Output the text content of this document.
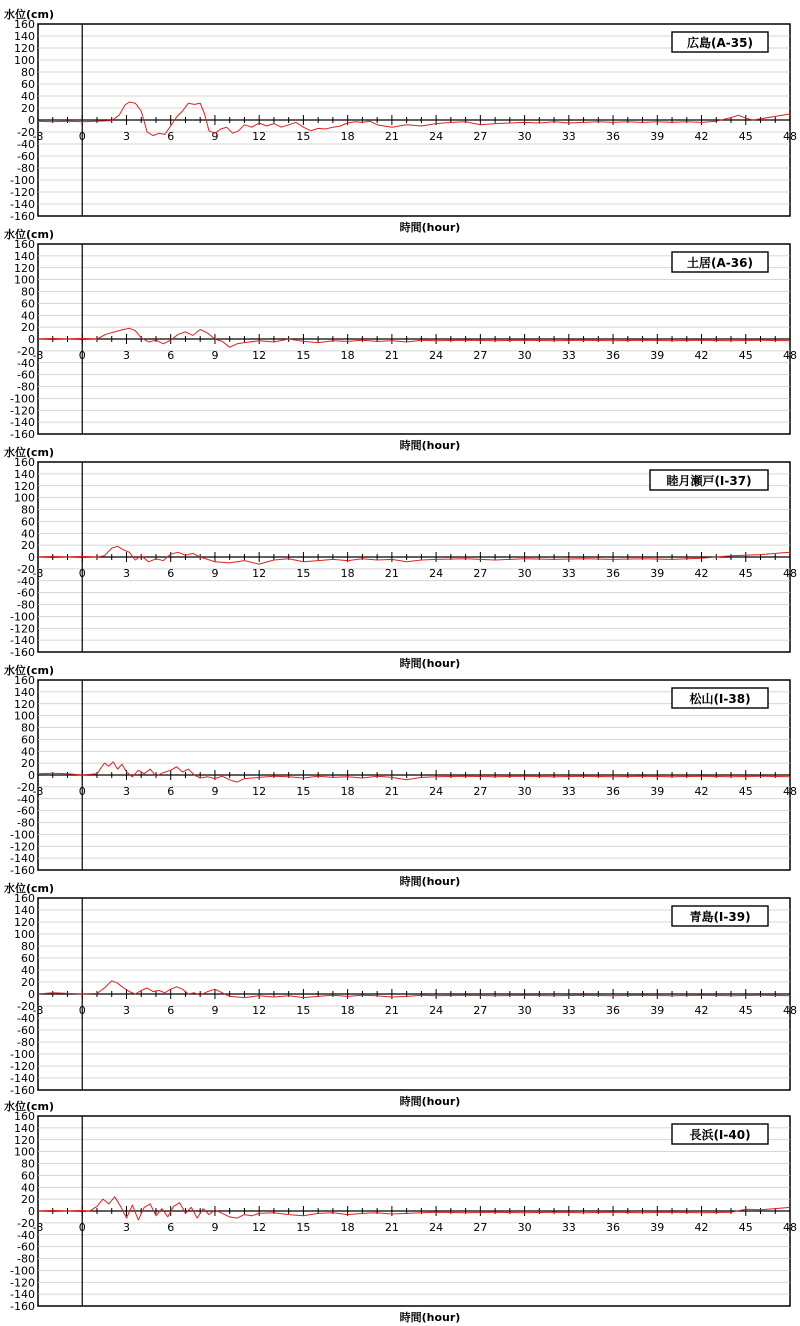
水位(cm)
160
140
120
100
80
60
40
20
0
-20
-40
-60
-80
-100
-120
-140
-160
-3	0	3	6	9	12	15	18	21	24	27	30	33	36	39	42	45	48
広島(A-35)
時間(hour)
水位(cm)
160
140
120
100
80
60
40
20
0
-20
-40
-60
-80
-100
-120
-140
-160
-3	0	3	6	9	12	15	18	21	24	27	30	33	36	39	42	45	48
土居(A-36)
時間(hour)
水位(cm)
160
140
120
100
80
60
40
20
0
-20
-40
-60
-80
-100
-120
-140
-160
-3	0	3	6	9	12	15	18	21	24	27	30	33	36	39	42	45	48
睦月瀬戸(I-37)
時間(hour)
水位(cm)
160
140
120
100
80
60
40
20
0
-20
-40
-60
-80
-100
-120
-140
-160
-3	0	3	6	9	12	15	18	21	24	27	30	33	36	39	42	45	48
松山(I-38)
時間(hour)
水位(cm)
160
140
120
100
80
60
40
20
0
-20
-40
-60
-80
-100
-120
-140
-160
-3	0	3	6	9	12	15	18	21	24	27	30	33	36	39	42	45	48
青島(I-39)
時間(hour)
水位(cm)
160
140
120
100
80
60
40
20
0
-20
-40
-60
-80
-100
-120
-140
-160
-3	0	3	6	9	12	15	18	21	24	27	30	33	36	39	42	45	48
長浜(I-40)
時間(hour)
